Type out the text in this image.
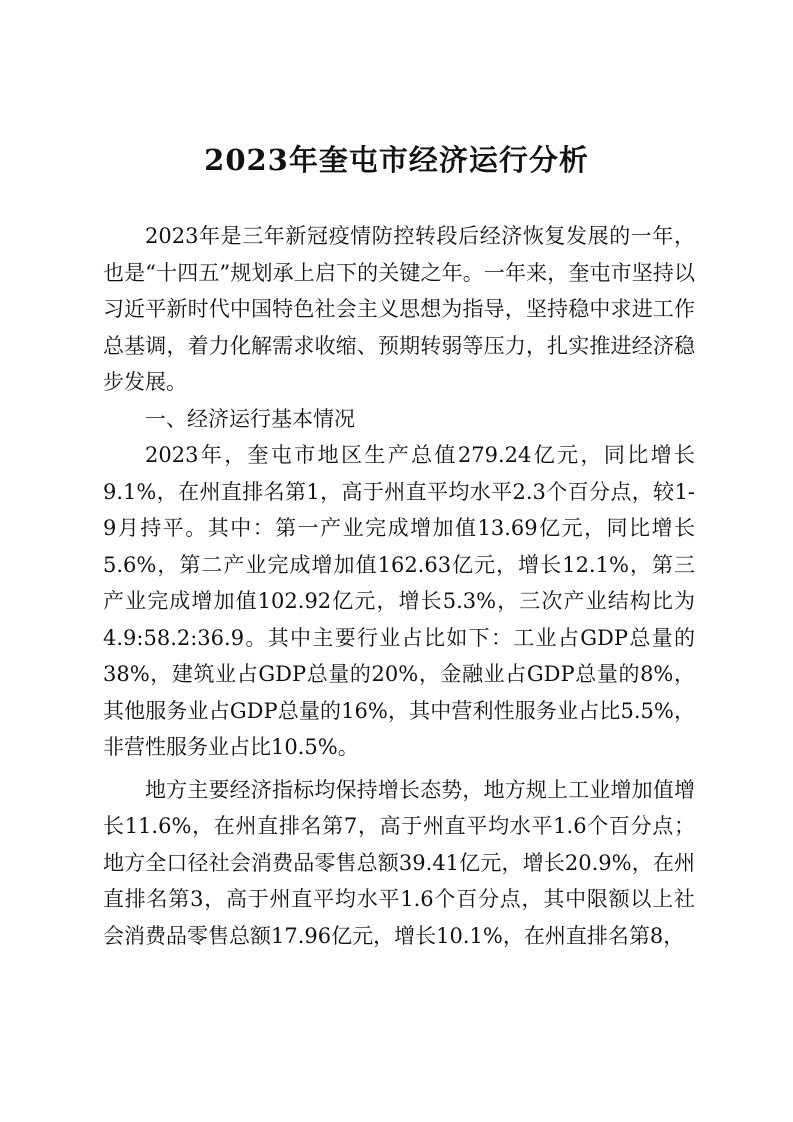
2023年奎屯市经济运行分析

2023年是三年新冠疫情防控转段后经济恢复发展的一年，也是“十四五”规划承上启下的关键之年。一年来，奎屯市坚持以习近平新时代中国特色社会主义思想为指导，坚持稳中求进工作总基调，着力化解需求收缩、预期转弱等压力，扎实推进经济稳步发展。

一、经济运行基本情况

2023年，奎屯市地区生产总值279.24亿元，同比增长9.1%，在州直排名第1，高于州直平均水平2.3个百分点，较1-9月持平。其中：第一产业完成增加值13.69亿元，同比增长5.6%，第二产业完成增加值162.63亿元，增长12.1%，第三产业完成增加值102.92亿元，增长5.3%，三次产业结构比为4.9:58.2:36.9。其中主要行业占比如下：工业占GDP总量的38%，建筑业占GDP总量的20%，金融业占GDP总量的8%，其他服务业占GDP总量的16%，其中营利性服务业占比5.5%，非营性服务业占比10.5%。

地方主要经济指标均保持增长态势，地方规上工业增加值增长11.6%，在州直排名第7，高于州直平均水平1.6个百分点；地方全口径社会消费品零售总额39.41亿元，增长20.9%，在州直排名第3，高于州直平均水平1.6个百分点，其中限额以上社会消费品零售总额17.96亿元，增长10.1%，在州直排名第8，
